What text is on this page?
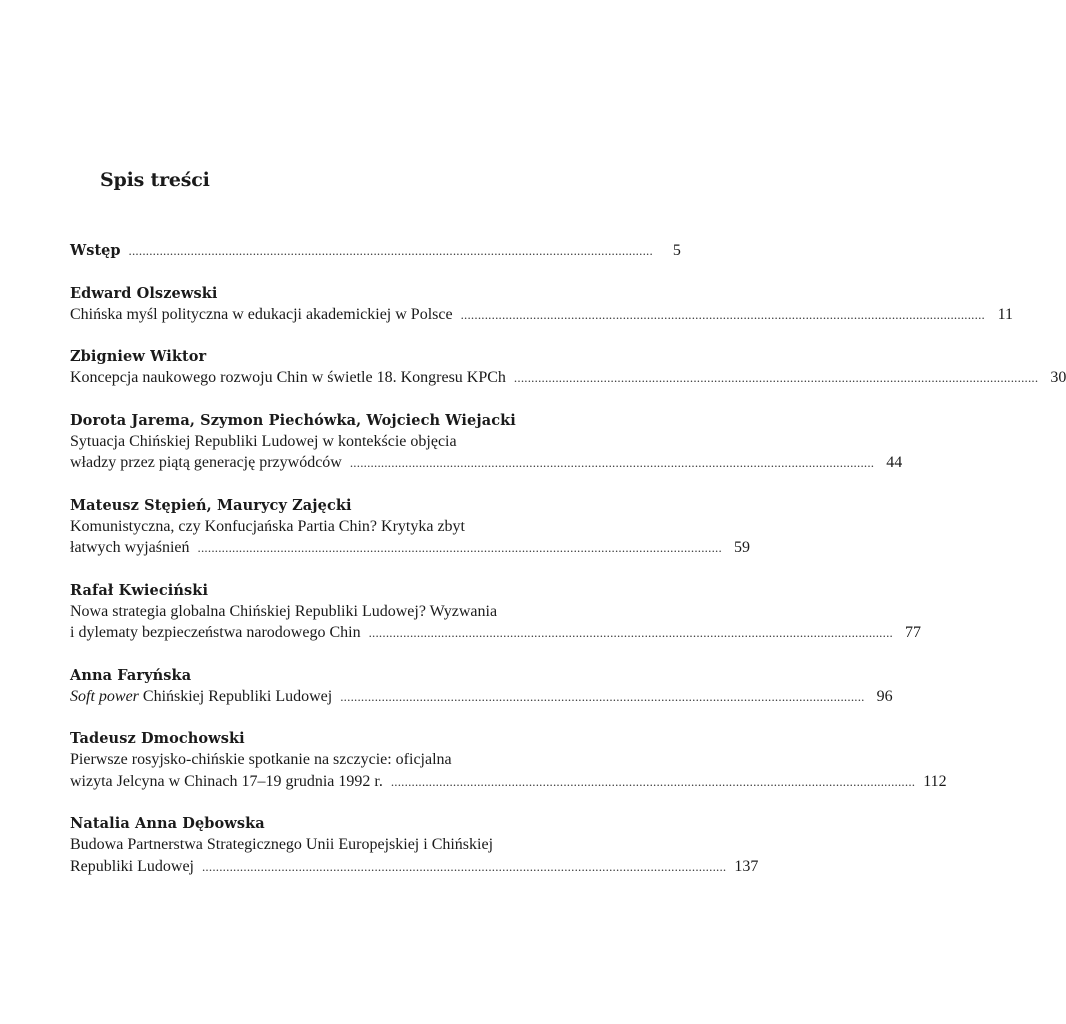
Spis treści
Wstęp ........................................................................................................................................................	5
Edward Olszewski
Chińska myśl polityczna w edukacji akademickiej w Polsce ........................................................................................................................................................ 11
Zbigniew Wiktor
Koncepcja naukowego rozwoju Chin w świetle 18. Kongresu KPCh ........................................................................................................................................................ 30
Dorota Jarema, Szymon Piechówka, Wojciech Wiejacki
Sytuacja Chińskiej Republiki Ludowej w kontekście objęcia
władzy przez piątą generację przywódców ........................................................................................................................................................ 44
Mateusz Stępień, Maurycy Zajęcki
Komunistyczna, czy Konfucjańska Partia Chin? Krytyka zbyt
łatwych wyjaśnień ........................................................................................................................................................ 59
Rafał Kwieciński
Nowa strategia globalna Chińskiej Republiki Ludowej? Wyzwania
i dylematy bezpieczeństwa narodowego Chin ........................................................................................................................................................ 77
Anna Faryńska
Soft power Chińskiej Republiki Ludowej ........................................................................................................................................................ 96
Tadeusz Dmochowski
Pierwsze rosyjsko-chińskie spotkanie na szczycie: oficjalna
wizyta Jelcyna w Chinach 17–19 grudnia 1992 r. ........................................................................................................................................................ 112
Natalia Anna Dębowska
Budowa Partnerstwa Strategicznego Unii Europejskiej i Chińskiej
Republiki Ludowej ........................................................................................................................................................ 137
